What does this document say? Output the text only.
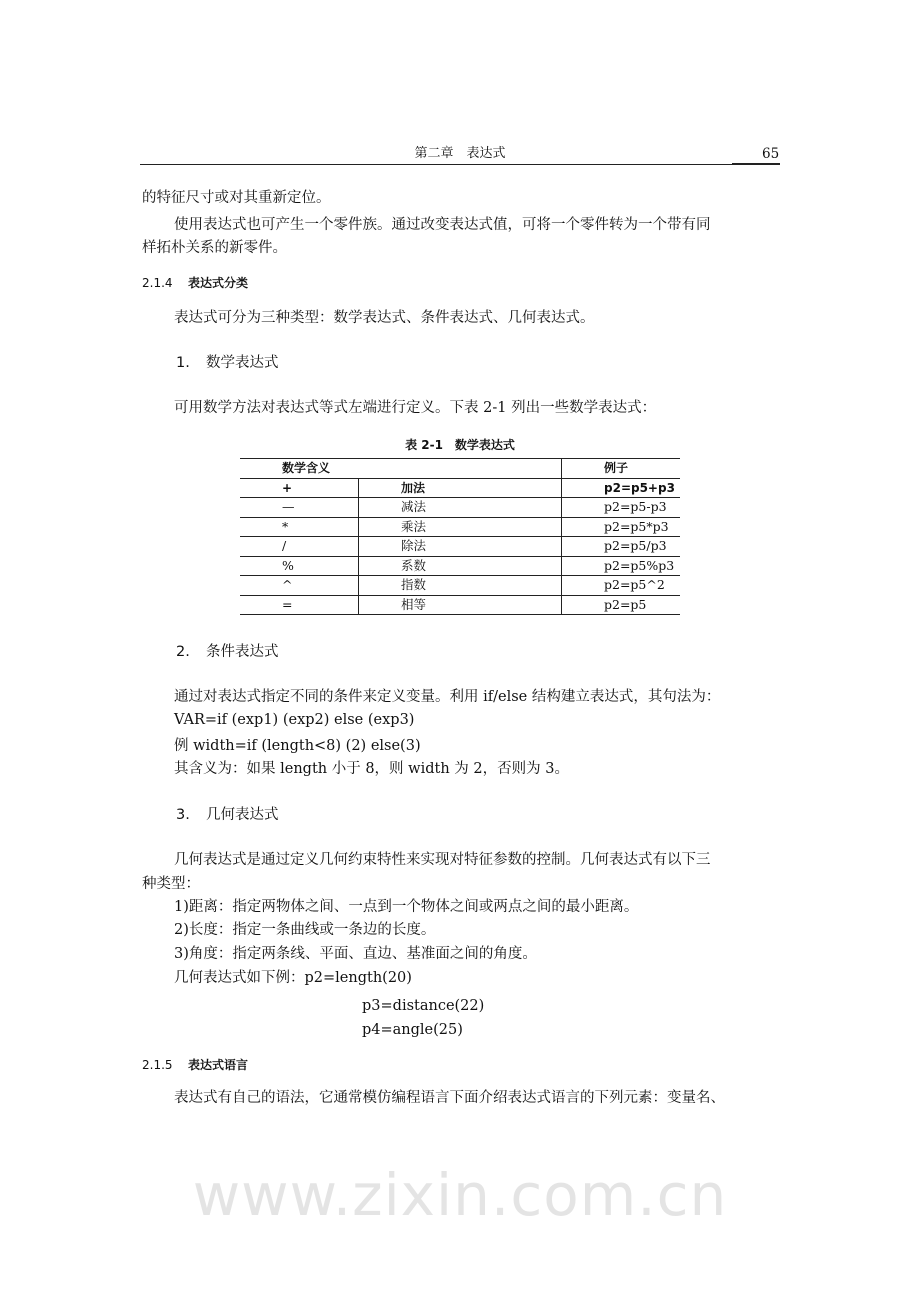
第二章　表达式	65
的特征尺寸或对其重新定位。
使用表达式也可产生一个零件族。通过改变表达式值，可将一个零件转为一个带有同
样拓朴关系的新零件。
2.1.4 表达式分类
表达式可分为三种类型：数学表达式、条件表达式、几何表达式。
1. 数学表达式
可用数学方法对表达式等式左端进行定义。下表 2-1 列出一些数学表达式：
表 2-1　数学表达式
数学含义		例子
+	加法	p2=p5+p3
—	减法	p2=p5-p3
*	乘法	p2=p5*p3
/	除法	p2=p5/p3
%	系数	p2=p5%p3
^	指数	p2=p5^2
=	相等	p2=p5
2. 条件表达式
通过对表达式指定不同的条件来定义变量。利用 if/else 结构建立表达式，其句法为：
VAR=if (exp1) (exp2) else (exp3)
例 width=if (length<8) (2) else(3)
其含义为：如果 length 小于 8，则 width 为 2，否则为 3。
3. 几何表达式
几何表达式是通过定义几何约束特性来实现对特征参数的控制。几何表达式有以下三
种类型：
1)距离：指定两物体之间、一点到一个物体之间或两点之间的最小距离。
2)长度：指定一条曲线或一条边的长度。
3)角度：指定两条线、平面、直边、基准面之间的角度。
几何表达式如下例：p2=length(20)
p3=distance(22)
p4=angle(25)
2.1.5 表达式语言
表达式有自己的语法，它通常模仿编程语言下面介绍表达式语言的下列元素：变量名、
www.zixin.com.cn
